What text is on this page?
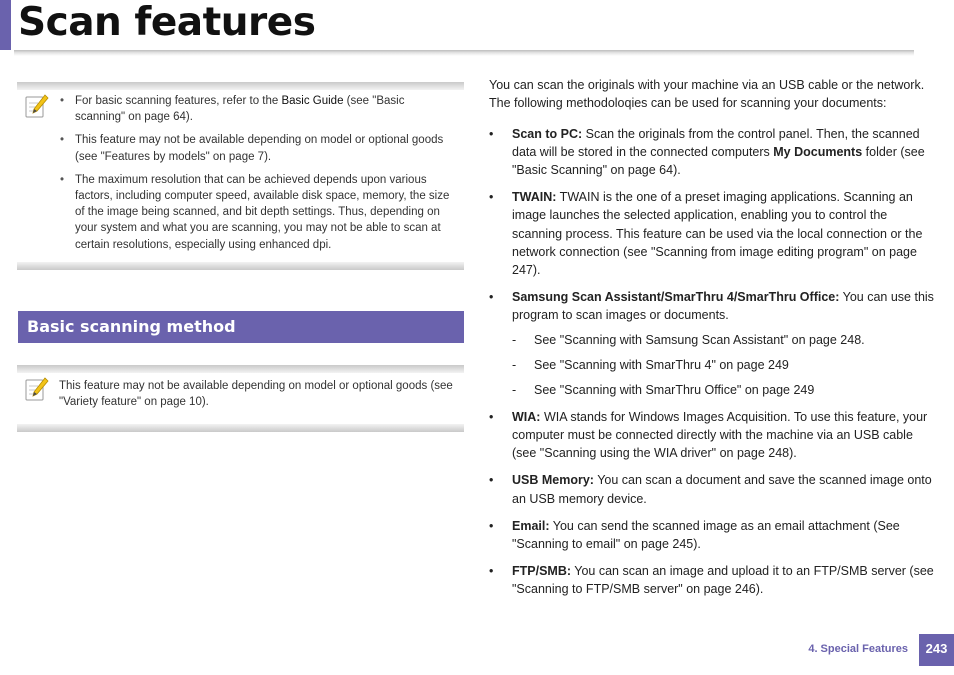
Scan features
• For basic scanning features, refer to the Basic Guide (see "Basic scanning" on page 64).
• This feature may not be available depending on model or optional goods (see "Features by models" on page 7).
• The maximum resolution that can be achieved depends upon various factors, including computer speed, available disk space, memory, the size of the image being scanned, and bit depth settings. Thus, depending on your system and what you are scanning, you may not be able to scan at certain resolutions, especially using enhanced dpi.
Basic scanning method

This feature may not be available depending on model or optional goods (see "Variety feature" on page 10).

You can scan the originals with your machine via an USB cable or the network. The following methodoloqies can be used for scanning your documents:

• Scan to PC: Scan the originals from the control panel. Then, the scanned data will be stored in the connected computers My Documents folder (see "Basic Scanning" on page 64).
• TWAIN: TWAIN is the one of a preset imaging applications. Scanning an image launches the selected application, enabling you to control the scanning process. This feature can be used via the local connection or the network connection (see "Scanning from image editing program" on page 247).
• Samsung Scan Assistant/SmarThru 4/SmarThru Office: You can use this program to scan images or documents.
- See "Scanning with Samsung Scan Assistant" on page 248.
- See "Scanning with SmarThru 4" on page 249
- See "Scanning with SmarThru Office" on page 249
• WIA: WIA stands for Windows Images Acquisition. To use this feature, your computer must be connected directly with the machine via an USB cable (see "Scanning using the WIA driver" on page 248).
• USB Memory: You can scan a document and save the scanned image onto an USB memory device.
• Email: You can send the scanned image as an email attachment (See "Scanning to email" on page 245).
• FTP/SMB: You can scan an image and upload it to an FTP/SMB server (see "Scanning to FTP/SMB server" on page 246).
4. Special Features	243
